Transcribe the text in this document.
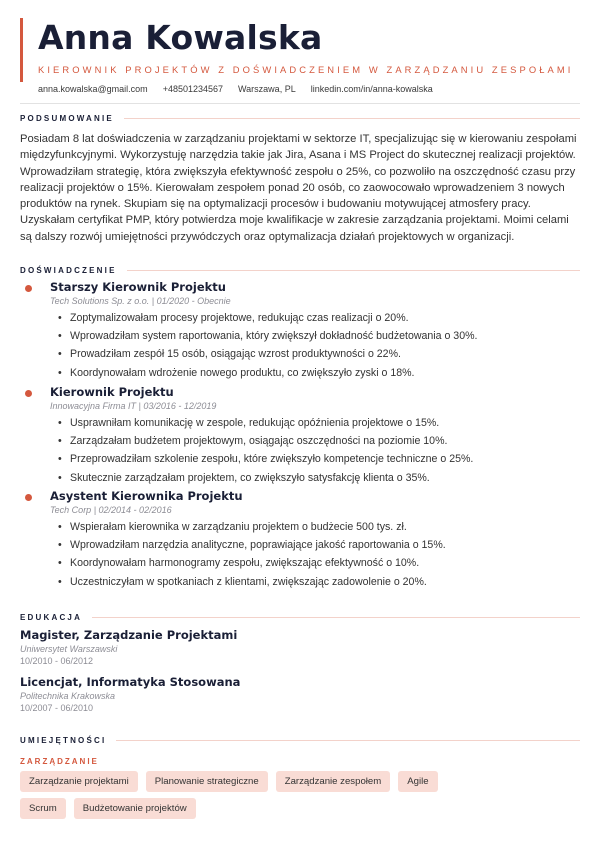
Anna Kowalska
KIEROWNIK PROJEKTÓW Z DOŚWIADCZENIEM W ZARZĄDZANIU ZESPOŁAMI
anna.kowalska@gmail.com +48501234567 Warszawa, PL linkedin.com/in/anna-kowalska
PODSUMOWANIE

Posiadam 8 lat doświadczenia w zarządzaniu projektami w sektorze IT, specjalizując się w kierowaniu zespołami międzyfunkcyjnymi. Wykorzystuję narzędzia takie jak Jira, Asana i MS Project do skutecznej realizacji projektów. Wprowadziłam strategię, która zwiększyła efektywność zespołu o 25%, co pozwoliło na oszczędność czasu przy realizacji projektów o 15%. Kierowałam zespołem ponad 20 osób, co zaowocowało wprowadzeniem 3 nowych produktów na rynek. Skupiam się na optymalizacji procesów i budowaniu motywującej atmosfery pracy. Uzyskałam certyfikat PMP, który potwierdza moje kwalifikacje w zakresie zarządzania projektami. Moimi celami są dalszy rozwój umiejętności przywódczych oraz optymalizacja działań projektowych w organizacji.

DOŚWIADCZENIE
Starszy Kierownik Projektu
Tech Solutions Sp. z o.o. | 01/2020 - Obecnie
• Zoptymalizowałam procesy projektowe, redukując czas realizacji o 20%.
• Wprowadziłam system raportowania, który zwiększył dokładność budżetowania o 30%.
• Prowadziłam zespół 15 osób, osiągając wzrost produktywności o 22%.
• Koordynowałam wdrożenie nowego produktu, co zwiększyło zyski o 18%.
Kierownik Projektu
Innowacyjna Firma IT | 03/2016 - 12/2019
• Usprawniłam komunikację w zespole, redukując opóźnienia projektowe o 15%.
• Zarządzałam budżetem projektowym, osiągając oszczędności na poziomie 10%.
• Przeprowadziłam szkolenie zespołu, które zwiększyło kompetencje techniczne o 25%.
• Skutecznie zarządzałam projektem, co zwiększyło satysfakcję klienta o 35%.
Asystent Kierownika Projektu
Tech Corp | 02/2014 - 02/2016
• Wspierałam kierownika w zarządzaniu projektem o budżecie 500 tys. zł.
• Wprowadziłam narzędzia analityczne, poprawiające jakość raportowania o 15%.
• Koordynowałam harmonogramy zespołu, zwiększając efektywność o 10%.
• Uczestniczyłam w spotkaniach z klientami, zwiększając zadowolenie o 20%.
EDUKACJA
Magister, Zarządzanie Projektami
Uniwersytet Warszawski
10/2010 - 06/2012
Licencjat, Informatyka Stosowana
Politechnika Krakowska
10/2007 - 06/2010
UMIEJĘTNOŚCI
ZARZĄDZANIE
Zarządzanie projektami	Planowanie strategiczne	Zarządzanie zespołem	Agile
Scrum	Budżetowanie projektów
